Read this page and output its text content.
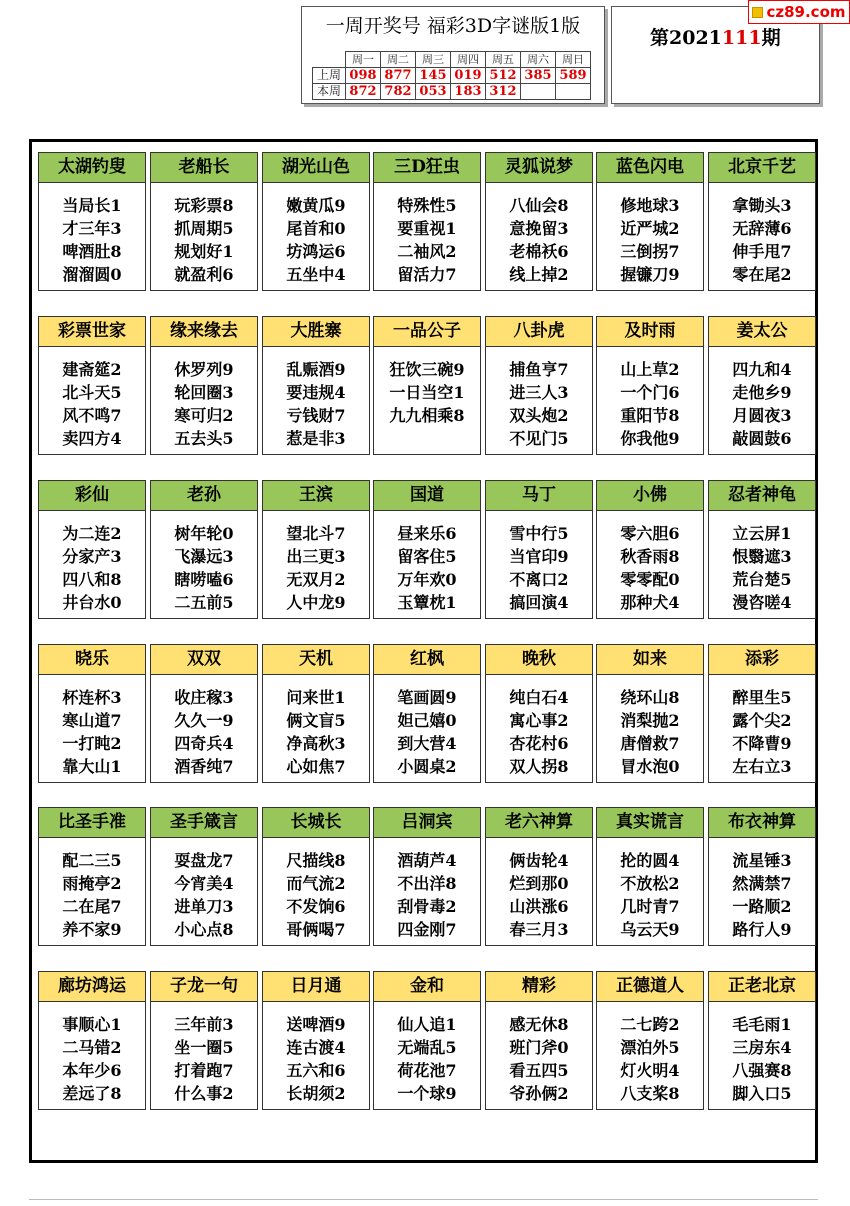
一周开奖号 福彩3D字谜版1版
	周一	周二	周三	周四	周五	周六	周日
上周	098	877	145	019	512	385	589
本周	872	782	053	183	312		
第2021111期
cz89.com
太湖钓叟
当局长1
才三年3
啤酒肚8
溜溜圆0
老船长
玩彩票8
抓周期5
规划好1
就盈利6
湖光山色
嫩黄瓜9
尾首和0
坊鸿运6
五坐中4
三D狂虫
特殊性5
要重视1
二袖风2
留活力7
灵狐说梦
八仙会8
意挽留3
老棉袄6
线上掉2
蓝色闪电
修地球3
近严城2
三倒拐7
握镰刀9
北京千艺
拿锄头3
无辞薄6
伸手甩7
零在尾2
彩票世家
建斋筵2
北斗天5
风不鸣7
卖四方4
缘来缘去
休罗列9
轮回圈3
寒可归2
五去头5
大胜寨
乱赈酒9
要违规4
亏钱财7
惹是非3
一品公子
狂饮三碗9
一日当空1
九九相乘8
八卦虎
捕鱼亨7
进三人3
双头炮2
不见门5
及时雨
山上草2
一个门6
重阳节8
你我他9
姜太公
四九和4
走他乡9
月圆夜3
敲圆鼓6
彩仙
为二连2
分家产3
四八和8
井台水0
老孙
树年轮0
飞瀑远3
瞎唠嗑6
二五前5
王滨
望北斗7
出三更3
无双月2
人中龙9
国道
昼来乐6
留客住5
万年欢0
玉簟枕1
马丁
雪中行5
当官印9
不离口2
搞回演4
小佛
零六胆6
秋香雨8
零零配0
那种犬4
忍者神龟
立云屏1
恨翳遮3
荒台楚5
漫咨嗟4
晓乐
杯连杯3
寒山道7
一打盹2
靠大山1
双双
收庄稼3
久久一9
四奇兵4
酒香纯7
天机
问来世1
俩文盲5
净高秋3
心如焦7
红枫
笔画圆9
妲己嬉0
到大营4
小圆桌2
晚秋
纯白石4
寓心事2
杏花村6
双人拐8
如来
绕环山8
消梨抛2
唐僧救7
冒水泡0
添彩
醉里生5
露个尖2
不降曹9
左右立3
比圣手准
配二三5
雨掩亭2
二在尾7
养不家9
圣手箴言
耍盘龙7
今宵美4
进单刀3
小心点8
长城长
尺描线8
而气流2
不发饷6
哥俩喝7
吕洞宾
酒葫芦4
不出洋8
刮骨毒2
四金刚7
老六神算
俩齿轮4
烂到那0
山洪涨6
春三月3
真实谎言
抡的圆4
不放松2
几时青7
乌云天9
布衣神算
流星锤3
然满禁7
一路顺2
路行人9
廊坊鸿运
事顺心1
二马错2
本年少6
差远了8
子龙一句
三年前3
坐一圈5
打着跑7
什么事2
日月通
送啤酒9
连古渡4
五六和6
长胡须2
金和
仙人追1
无端乱5
荷花池7
一个球9
精彩
感无休8
班门斧0
看五四5
爷孙俩2
正德道人
二七跨2
漂泊外5
灯火明4
八支桨8
正老北京
毛毛雨1
三房东4
八强赛8
脚入口5
